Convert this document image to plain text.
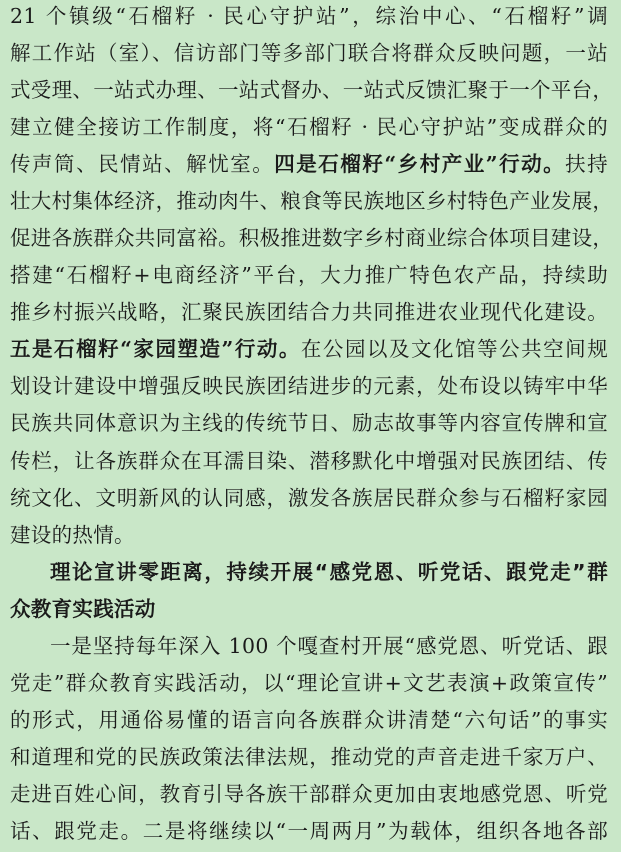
21 个镇级“石榴籽 · 民心守护站”，综治中心、“石榴籽”调
解工作站（室）、信访部门等多部门联合将群众反映问题，一站
式受理、一站式办理、一站式督办、一站式反馈汇聚于一个平台，
建立健全接访工作制度，将“石榴籽 · 民心守护站”变成群众的
传声筒、民情站、解忧室。四是石榴籽“乡村产业”行动。扶持
壮大村集体经济，推动肉牛、粮食等民族地区乡村特色产业发展，
促进各族群众共同富裕。积极推进数字乡村商业综合体项目建设，
搭建“石榴籽+电商经济”平台，大力推广特色农产品，持续助
推乡村振兴战略，汇聚民族团结合力共同推进农业现代化建设。
五是石榴籽“家园塑造”行动。在公园以及文化馆等公共空间规
划设计建设中增强反映民族团结进步的元素，处布设以铸牢中华
民族共同体意识为主线的传统节日、励志故事等内容宣传牌和宣
传栏，让各族群众在耳濡目染、潜移默化中增强对民族团结、传
统文化、文明新风的认同感，激发各族居民群众参与石榴籽家园
建设的热情。
理论宣讲零距离，持续开展“感党恩、听党话、跟党走”群
众教育实践活动
一是坚持每年深入 100 个嘎查村开展“感党恩、听党话、跟
党走”群众教育实践活动，以“理论宣讲+文艺表演+政策宣传”
的形式，用通俗易懂的语言向各族群众讲清楚“六句话”的事实
和道理和党的民族政策法律法规，推动党的声音走进千家万户、
走进百姓心间，教育引导各族干部群众更加由衷地感党恩、听党
话、跟党走。二是将继续以“一周两月”为载体，组织各地各部
